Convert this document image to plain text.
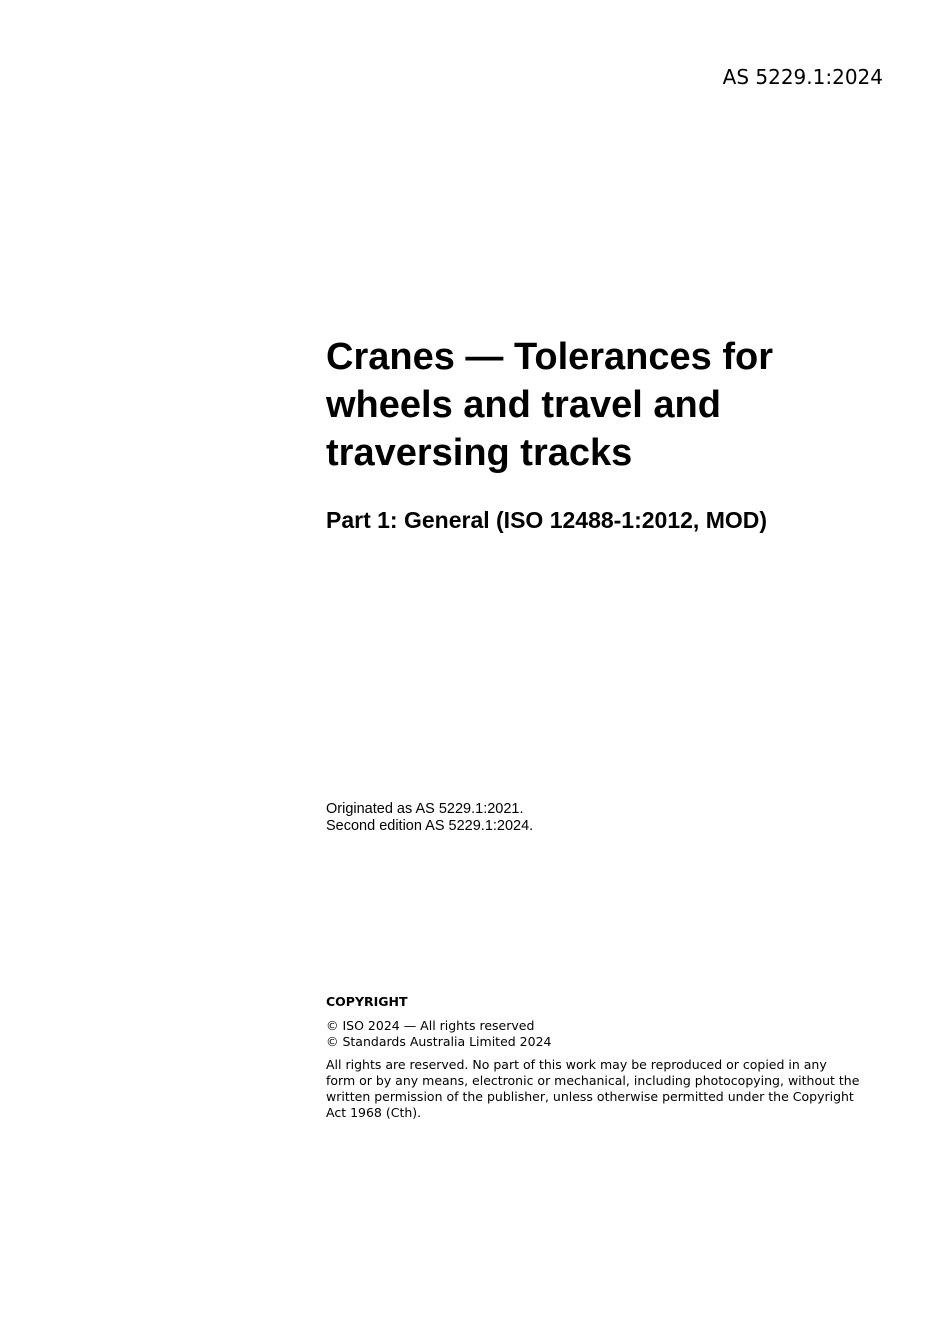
AS 5229.1:2024
Cranes — Tolerances for
wheels and travel and
traversing tracks
Part 1: General (ISO 12488-1:2012, MOD)
Originated as AS 5229.1:2021.
Second edition AS 5229.1:2024.
COPYRIGHT
© ISO 2024 — All rights reserved
© Standards Australia Limited 2024
All rights are reserved. No part of this work may be reproduced or copied in any
form or by any means, electronic or mechanical, including photocopying, without the
written permission of the publisher, unless otherwise permitted under the Copyright
Act 1968 (Cth).
